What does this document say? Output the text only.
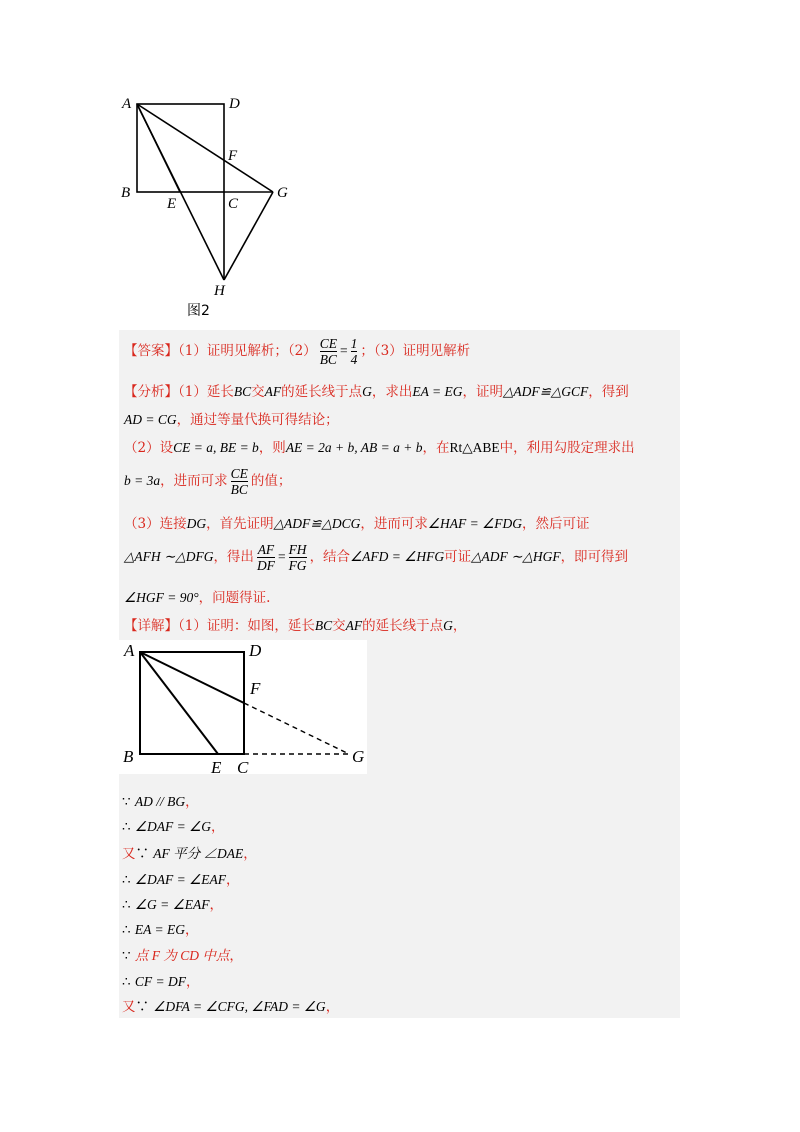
A	D
F
B
E	C
G
H
图2
【答案】（1）证明见解析；$(2) \frac{CE}{BC} = \frac{1}{4}$ ；（3）证明见解析
【分析】（1）延长BC交AF的延长线于点G，求出EA = EG，证明△ADF≌△GCF，得到
AD = CG，通过等量代换可得结论；
（2）设CE = a, BE = b，则AE = 2a + b, AB = a + b，在Rt△ABE中，利用勾股定理求出
b = 3a，进而可求 $\frac{CE}{BC}$ 的值；
（3）连接DG，首先证明△ADF≌△DCG，进而可求∠HAF = ∠FDG，然后可证
△AFH ∼△DFG，得出 $\frac{AF}{DF} = \frac{FH}{FG}$ ，结合∠AFD = ∠HFG可证△ADF ∼△HGF，即可得到
∠HGF = 90°，问题得证.
【详解】（1）证明：如图，延长BC交AF的延长线于点G，
A	D
F
B
E C
G
∵ AD // BG，
∴ ∠DAF = ∠G，
又∵ AF 平分 ∠DAE，
∴ ∠DAF = ∠EAF，
∴ ∠G = ∠EAF，
∴ EA = EG，
∵ 点 F 为 CD 中点，
∴ CF = DF，
又∵ ∠DFA = ∠CFG, ∠FAD = ∠G，
